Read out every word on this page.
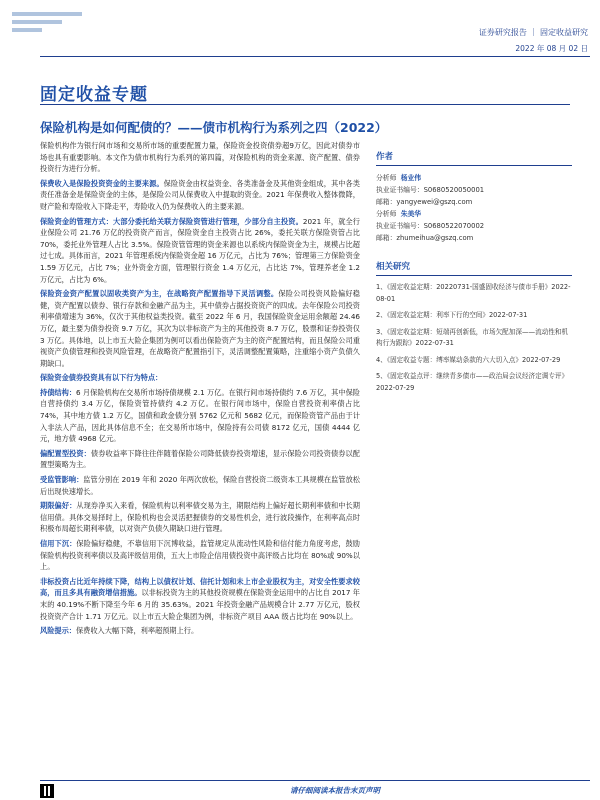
证券研究报告 ｜ 固定收益研究
2022 年 08 月 02 日
固定收益专题
保险机构是如何配债的？——债市机构行为系列之四（2022）

保险机构作为银行间市场和交易所市场的重要配置力量，保险资金投资债券超9万亿，因此对债券市场也具有重要影响。本文作为债市机构行为系列的第四篇，对保险机构的资金来源、资产配置、债券投资行为进行分析。

保费收入是保险投资资金的主要来源。保险资金由权益资金、各类准备金及其他资金组成，其中各类责任准备金是保险资金的主体，是保险公司从保费收入中提取的资金。2021 年保费收入整体微降，财产险和寿险收入下降走平，寿险收入仍为保费收入的主要来源。

保险资金的管理方式：大部分委托给关联方保险资管进行管理，少部分自主投资。2021 年，就全行业保险公司 21.76 万亿的投资资产而言，保险资金自主投资占比 26%，委托关联方保险资管占比 70%，委托业外管理人占比 3.5%。保险资管管理的资金来源也以系统内保险资金为主，规模占比超过七成。具体而言，2021 年管理系统内保险资金超 16 万亿元，占比为 76%；管理第三方保险资金 1.59 万亿元，占比 7%；业外资金方面，管理银行资金 1.4 万亿元，占比达 7%，管理养老金 1.2 万亿元，占比为 6%。

保险资金资产配置以固收类资产为主，在战略资产配置指导下灵活调整。保险公司投资风险偏好稳健，资产配置以债券、银行存款和金融产品为主，其中债券占据投资资产的四成。去年保险公司投资利率债增速为 36%，仅次于其他权益类投资。截至 2022 年 6 月，我国保险资金运用余额超 24.46 万亿，最主要为债券投资 9.7 万亿，其次为以非标资产为主的其他投资 8.7 万亿，股票和证券投资仅 3 万亿。具体地，以上市五大险企集团为例可以看出保险资产为主的资产配置结构，而且保险公司重视资产负债管理和投资风险管理，在战略资产配置指引下，灵活调整配置策略，注重缩小资产负债久期缺口。

保险资金债券投资具有以下行为特点：

持债结构：6 月保险机构在交易所市场持债规模 2.1 万亿。在银行间市场持债约 7.6 万亿，其中保险自营持债约 3.4 万亿，保险资管持债约 4.2 万亿。在银行间市场中，保险自营投资利率债占比 74%，其中地方债 1.2 万亿，国债和政金债分别 5762 亿元和 5682 亿元，而保险资管产品由于计入非法人产品，因此具体信息不全；在交易所市场中，保险持有公司债 8172 亿元，国债 4444 亿元，地方债 4968 亿元。

偏配置型投资：债券收益率下降往往伴随着保险公司降低债券投资增速，显示保险公司投资债券以配置型策略为主。

受监管影响：监管分别在 2019 年和 2020 年两次放松，保险自营投资二级资本工具规模在监管放松后出现快速增长。

期限偏好：从现券净买入来看，保险机构以利率债交易为主，期限结构上偏好超长期利率债和中长期信用债。具体交易择时上，保险机构也会灵活把握债券的交易性机会，进行波段操作，在利率高点时积极布局超长期利率债，以对资产负债久期缺口进行管理。

信用下沉：保险偏好稳健，不靠信用下沉博收益，监管规定从流动性风险和信付能力角度考虑，鼓励保险机构投资利率债以及高评级信用债，五大上市险企信用债投资中高评级占比均在 80%或 90%以上。

非标投资占比近年持续下降，结构上以债权计划、信托计划和未上市企业股权为主，对安全性要求较高，而且多具有融资增信措施。以非标投资为主的其他投资规模在保险资金运用中的占比自 2017 年末的 40.19%不断下降至今年 6 月的 35.63%。2021 年投资金融产品规模合计 2.77 万亿元，股权投资资产合计 1.71 万亿元。以上市五大险企集团为例，非标资产项目 AAA 级占比均在 90%以上。

风险提示：保费收入大幅下降，利率超预期上行。

作者
分析师 杨业伟
执业证书编号：S0680520050001
邮箱：yangyewei@gszq.com
分析师 朱美华
执业证书编号：S0680522070002
邮箱：zhumeihua@gszq.com
相关研究
1、《固定收益定期：20220731-国盛固收经济与债市手册》2022-08-01
2、《固定收益定期：利率下行的空间》2022-07-31
3、《固定收益定期：短端再创新低，市场欠配加深——流动性和机构行为跟踪》2022-07-31
4、《固定收益专题：缚率媒动条款的六大切入点》2022-07-29
5、《固定收益点评：继续青多债市——政治局会议经济定调专评》2022-07-29
请仔细阅读本报告末页声明
